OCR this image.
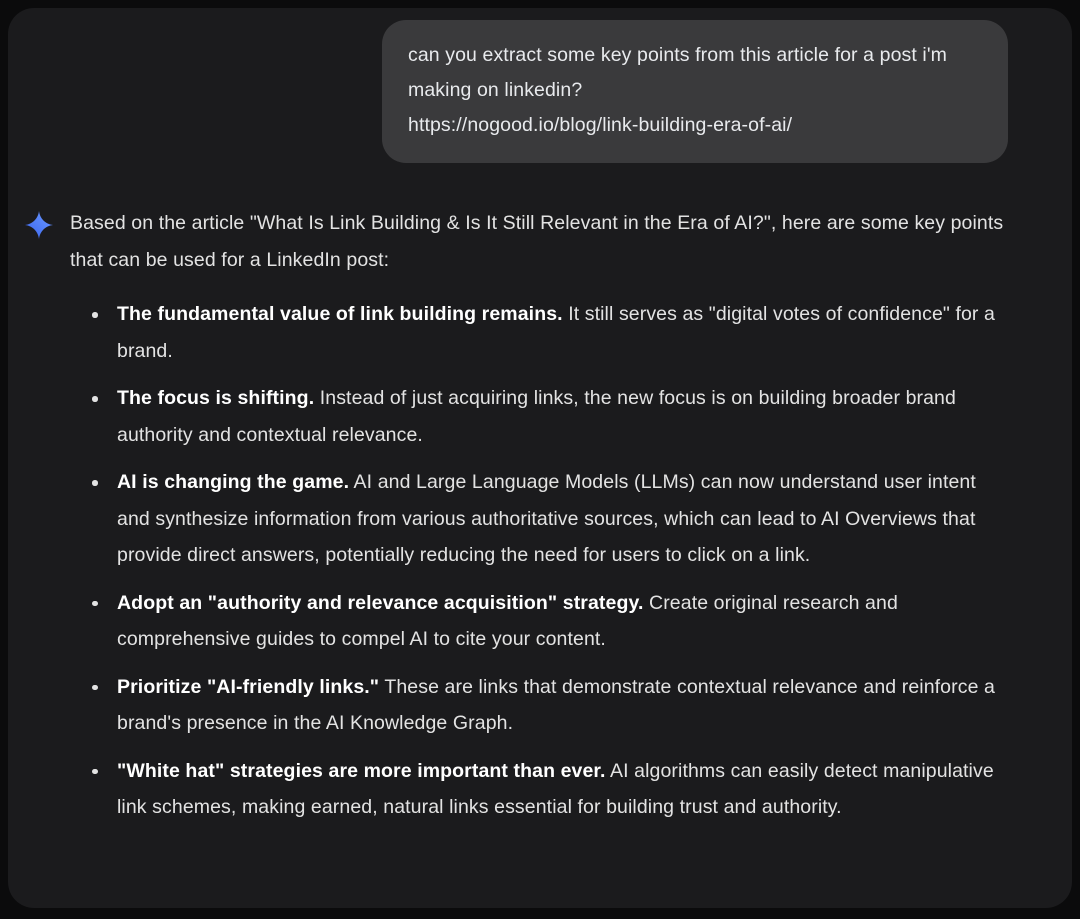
can you extract some key points from this article for a post i'm making on linkedin?
https://nogood.io/blog/link-building-era-of-ai/

Based on the article "What Is Link Building & Is It Still Relevant in the Era of AI?", here are some key points that can be used for a LinkedIn post:

The fundamental value of link building remains. It still serves as "digital votes of confidence" for a brand.
The focus is shifting. Instead of just acquiring links, the new focus is on building broader brand authority and contextual relevance.
AI is changing the game. AI and Large Language Models (LLMs) can now understand user intent and synthesize information from various authoritative sources, which can lead to AI Overviews that provide direct answers, potentially reducing the need for users to click on a link.
Adopt an "authority and relevance acquisition" strategy. Create original research and comprehensive guides to compel AI to cite your content.
Prioritize "AI-friendly links." These are links that demonstrate contextual relevance and reinforce a brand's presence in the AI Knowledge Graph.
"White hat" strategies are more important than ever. AI algorithms can easily detect manipulative link schemes, making earned, natural links essential for building trust and authority.
